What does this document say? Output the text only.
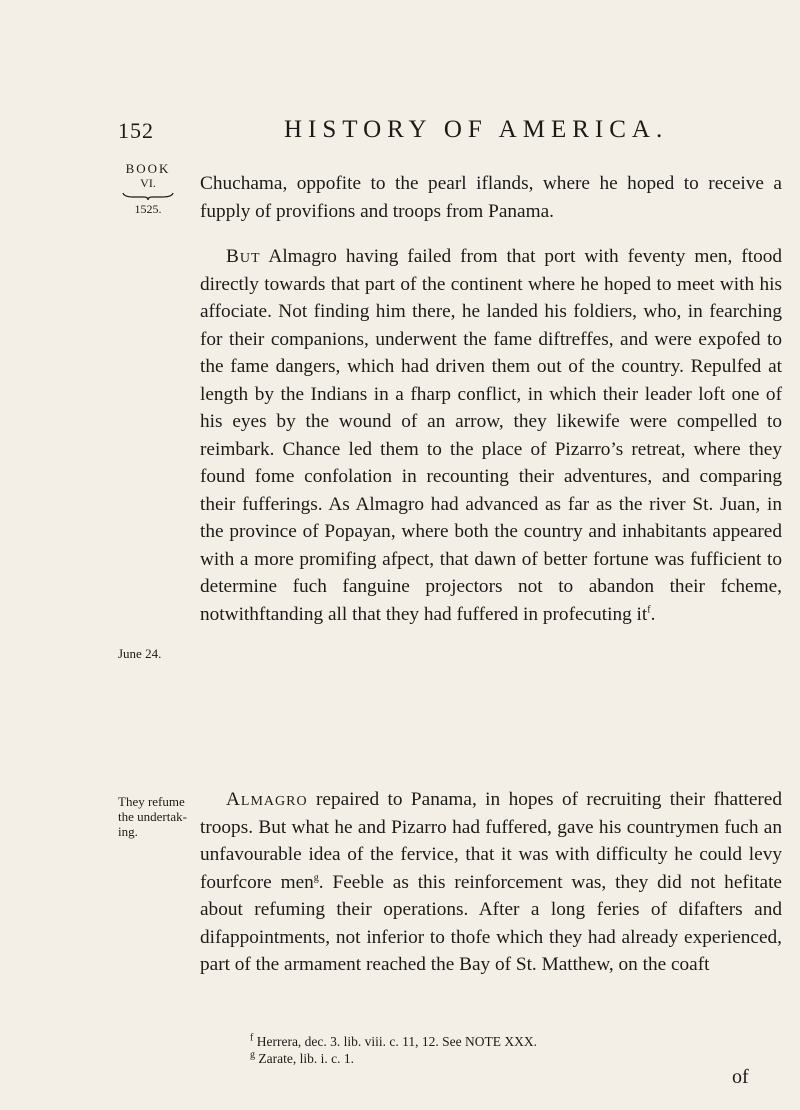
152	HISTORY OF AMERICA.
BOOK
VI.
1525.

Chuchama, oppofite to the pearl iflands, where he hoped to receive a fupply of provifions and troops from Panama.

But Almagro having failed from that port with feventy men, ftood directly towards that part of the continent where he hoped to meet with his affociate. Not finding him there, he landed his foldiers, who, in fearching for their companions, underwent the fame diftreffes, and were expofed to the fame dangers, which had driven them out of the country. Repulfed at length by the Indians in a fharp conflict, in which their leader loft one of his eyes by the wound of an arrow, they likewife were compelled to reimbark. Chance led them to the place of Pizarro’s retreat, where they found fome confolation in recounting their adventures, and comparing their fufferings. As Almagro had advanced as far as the river St. Juan, in the province of Popayan, where both the country and inhabitants appeared with a more promifing afpect, that dawn of better fortune was fufficient to determine fuch fanguine projectors not to abandon their fcheme, notwithftanding all that they had fuffered in profecuting $it^f$.

June 24.
They refume the undertak- ing.

Almagro repaired to Panama, in hopes of recruiting their fhattered troops. But what he and Pizarro had fuffered, gave his countrymen fuch an unfavourable idea of the fervice, that it was with difficulty he could levy fourfcore men$^g$. Feeble as this reinforcement was, they did not hefitate about refuming their operations. After a long feries of difafters and difappointments, not inferior to thofe which they had already experienced, part of the armament reached the Bay of St. Matthew, on the coaft

$^f$ Herrera, dec. 3. lib. viii. c. 11, 12. See NOTE XXX.
$^g$ Zarate, lib. i. c. 1.
of
